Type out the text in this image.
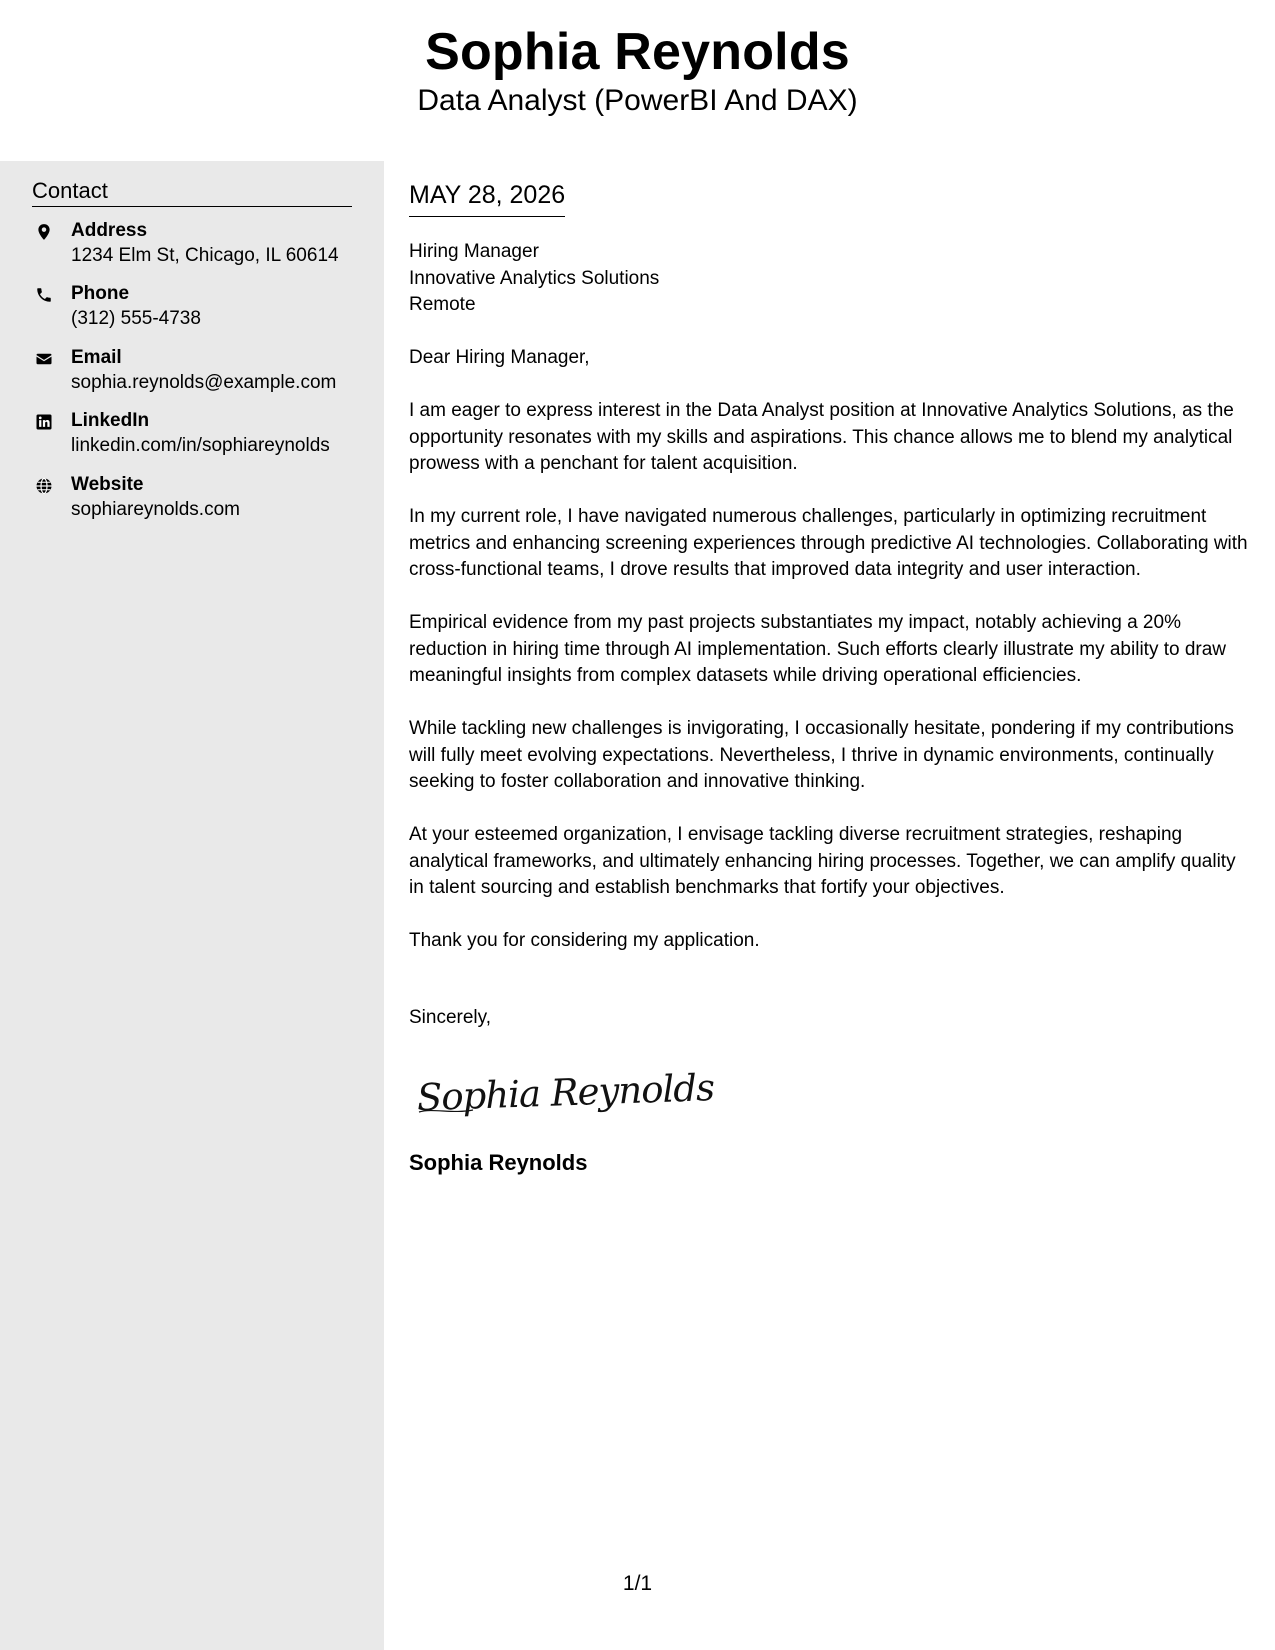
Sophia Reynolds
Data Analyst (PowerBI And DAX)
Contact
Address
1234 Elm St, Chicago, IL 60614
Phone
(312) 555-4738
Email
sophia.reynolds@example.com
LinkedIn
linkedin.com/in/sophiareynolds
Website
sophiareynolds.com
MAY 28, 2026
Hiring Manager
Innovative Analytics Solutions
Remote

Dear Hiring Manager,

I am eager to express interest in the Data Analyst position at Innovative Analytics Solutions, as the opportunity resonates with my skills and aspirations. This chance allows me to blend my analytical prowess with a penchant for talent acquisition.

In my current role, I have navigated numerous challenges, particularly in optimizing recruitment metrics and enhancing screening experiences through predictive AI technologies. Collaborating with cross-functional teams, I drove results that improved data integrity and user interaction.

Empirical evidence from my past projects substantiates my impact, notably achieving a 20% reduction in hiring time through AI implementation. Such efforts clearly illustrate my ability to draw meaningful insights from complex datasets while driving operational efficiencies.

While tackling new challenges is invigorating, I occasionally hesitate, pondering if my contributions will fully meet evolving expectations. Nevertheless, I thrive in dynamic environments, continually seeking to foster collaboration and innovative thinking.

At your esteemed organization, I envisage tackling diverse recruitment strategies, reshaping analytical frameworks, and ultimately enhancing hiring processes. Together, we can amplify quality in talent sourcing and establish benchmarks that fortify your objectives.

Thank you for considering my application.

Sincerely,
Sophia Reynolds
Sophia Reynolds
1/1
